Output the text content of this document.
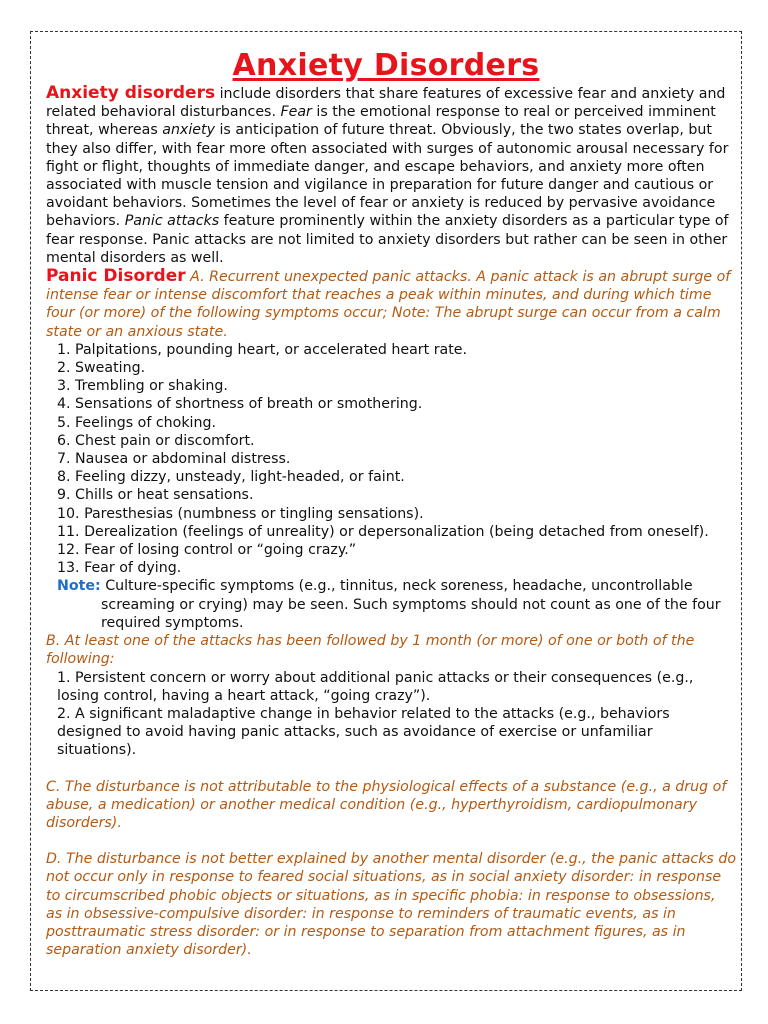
Anxiety Disorders

Anxiety disorders include disorders that share features of excessive fear and anxiety and related behavioral disturbances. Fear is the emotional response to real or perceived imminent threat, whereas anxiety is anticipation of future threat. Obviously, the two states overlap, but they also differ, with fear more often associated with surges of autonomic arousal necessary for fight or flight, thoughts of immediate danger, and escape behaviors, and anxiety more often associated with muscle tension and vigilance in preparation for future danger and cautious or avoidant behaviors. Sometimes the level of fear or anxiety is reduced by pervasive avoidance behaviors. Panic attacks feature prominently within the anxiety disorders as a particular type of fear response. Panic attacks are not limited to anxiety disorders but rather can be seen in other mental disorders as well.

Panic Disorder A. Recurrent unexpected panic attacks. A panic attack is an abrupt surge of intense fear or intense discomfort that reaches a peak within minutes, and during which time four (or more) of the following symptoms occur; Note: The abrupt surge can occur from a calm state or an anxious state.

1. Palpitations, pounding heart, or accelerated heart rate.
2. Sweating.
3. Trembling or shaking.
4. Sensations of shortness of breath or smothering.
5. Feelings of choking.
6. Chest pain or discomfort.
7. Nausea or abdominal distress.
8. Feeling dizzy, unsteady, light-headed, or faint.
9. Chills or heat sensations.
10. Paresthesias (numbness or tingling sensations).
11. Derealization (feelings of unreality) or depersonalization (being detached from oneself).
12. Fear of losing control or “going crazy.”
13. Fear of dying.
Note: Culture-specific symptoms (e.g., tinnitus, neck soreness, headache, uncontrollable
screaming or crying) may be seen. Such symptoms should not count as one of the four required symptoms.

B. At least one of the attacks has been followed by 1 month (or more) of one or both of the following:

1. Persistent concern or worry about additional panic attacks or their consequences (e.g., losing control, having a heart attack, “going crazy”).
2. A significant maladaptive change in behavior related to the attacks (e.g., behaviors designed to avoid having panic attacks, such as avoidance of exercise or unfamiliar situations).

C. The disturbance is not attributable to the physiological effects of a substance (e.g., a drug of abuse, a medication) or another medical condition (e.g., hyperthyroidism, cardiopulmonary disorders).

D. The disturbance is not better explained by another mental disorder (e.g., the panic attacks do not occur only in response to feared social situations, as in social anxiety disorder: in response to circumscribed phobic objects or situations, as in specific phobia: in response to obsessions, as in obsessive-compulsive disorder: in response to reminders of traumatic events, as in posttraumatic stress disorder: or in response to separation from attachment figures, as in separation anxiety disorder).
